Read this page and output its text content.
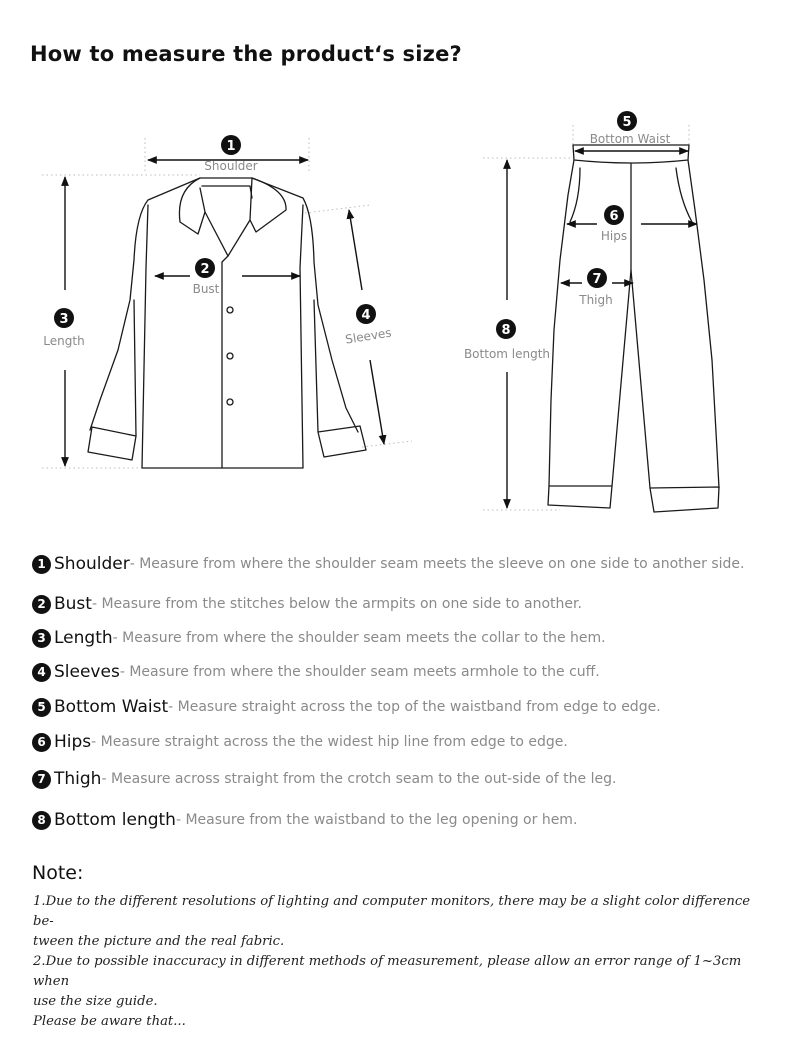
How to measure the product‘s size?
1
Shoulder
2
Bust
3
Length
4
Sleeves
5
Bottom Waist
6
Hips
7
Thigh
8
Bottom length
1 Shoulder - Measure from where the shoulder seam meets the sleeve on one side to another side.
2 Bust - Measure from the stitches below the armpits on one side to another.
3 Length - Measure from where the shoulder seam meets the collar to the hem.
4 Sleeves - Measure from where the shoulder seam meets armhole to the cuff.
5 Bottom Waist - Measure straight across the top of the waistband from edge to edge.
6 Hips - Measure straight across the the widest hip line from edge to edge.
7 Thigh - Measure across straight from the crotch seam to the out-side of the leg.
8 Bottom length - Measure from the waistband to the leg opening or hem.
Note:

1.Due to the different resolutions of lighting and computer monitors, there may be a slight color difference be-

tween the picture and the real fabric.

2.Due to possible inaccuracy in different methods of measurement, please allow an error range of 1~3cm when

use the size guide.

Please be aware that...
